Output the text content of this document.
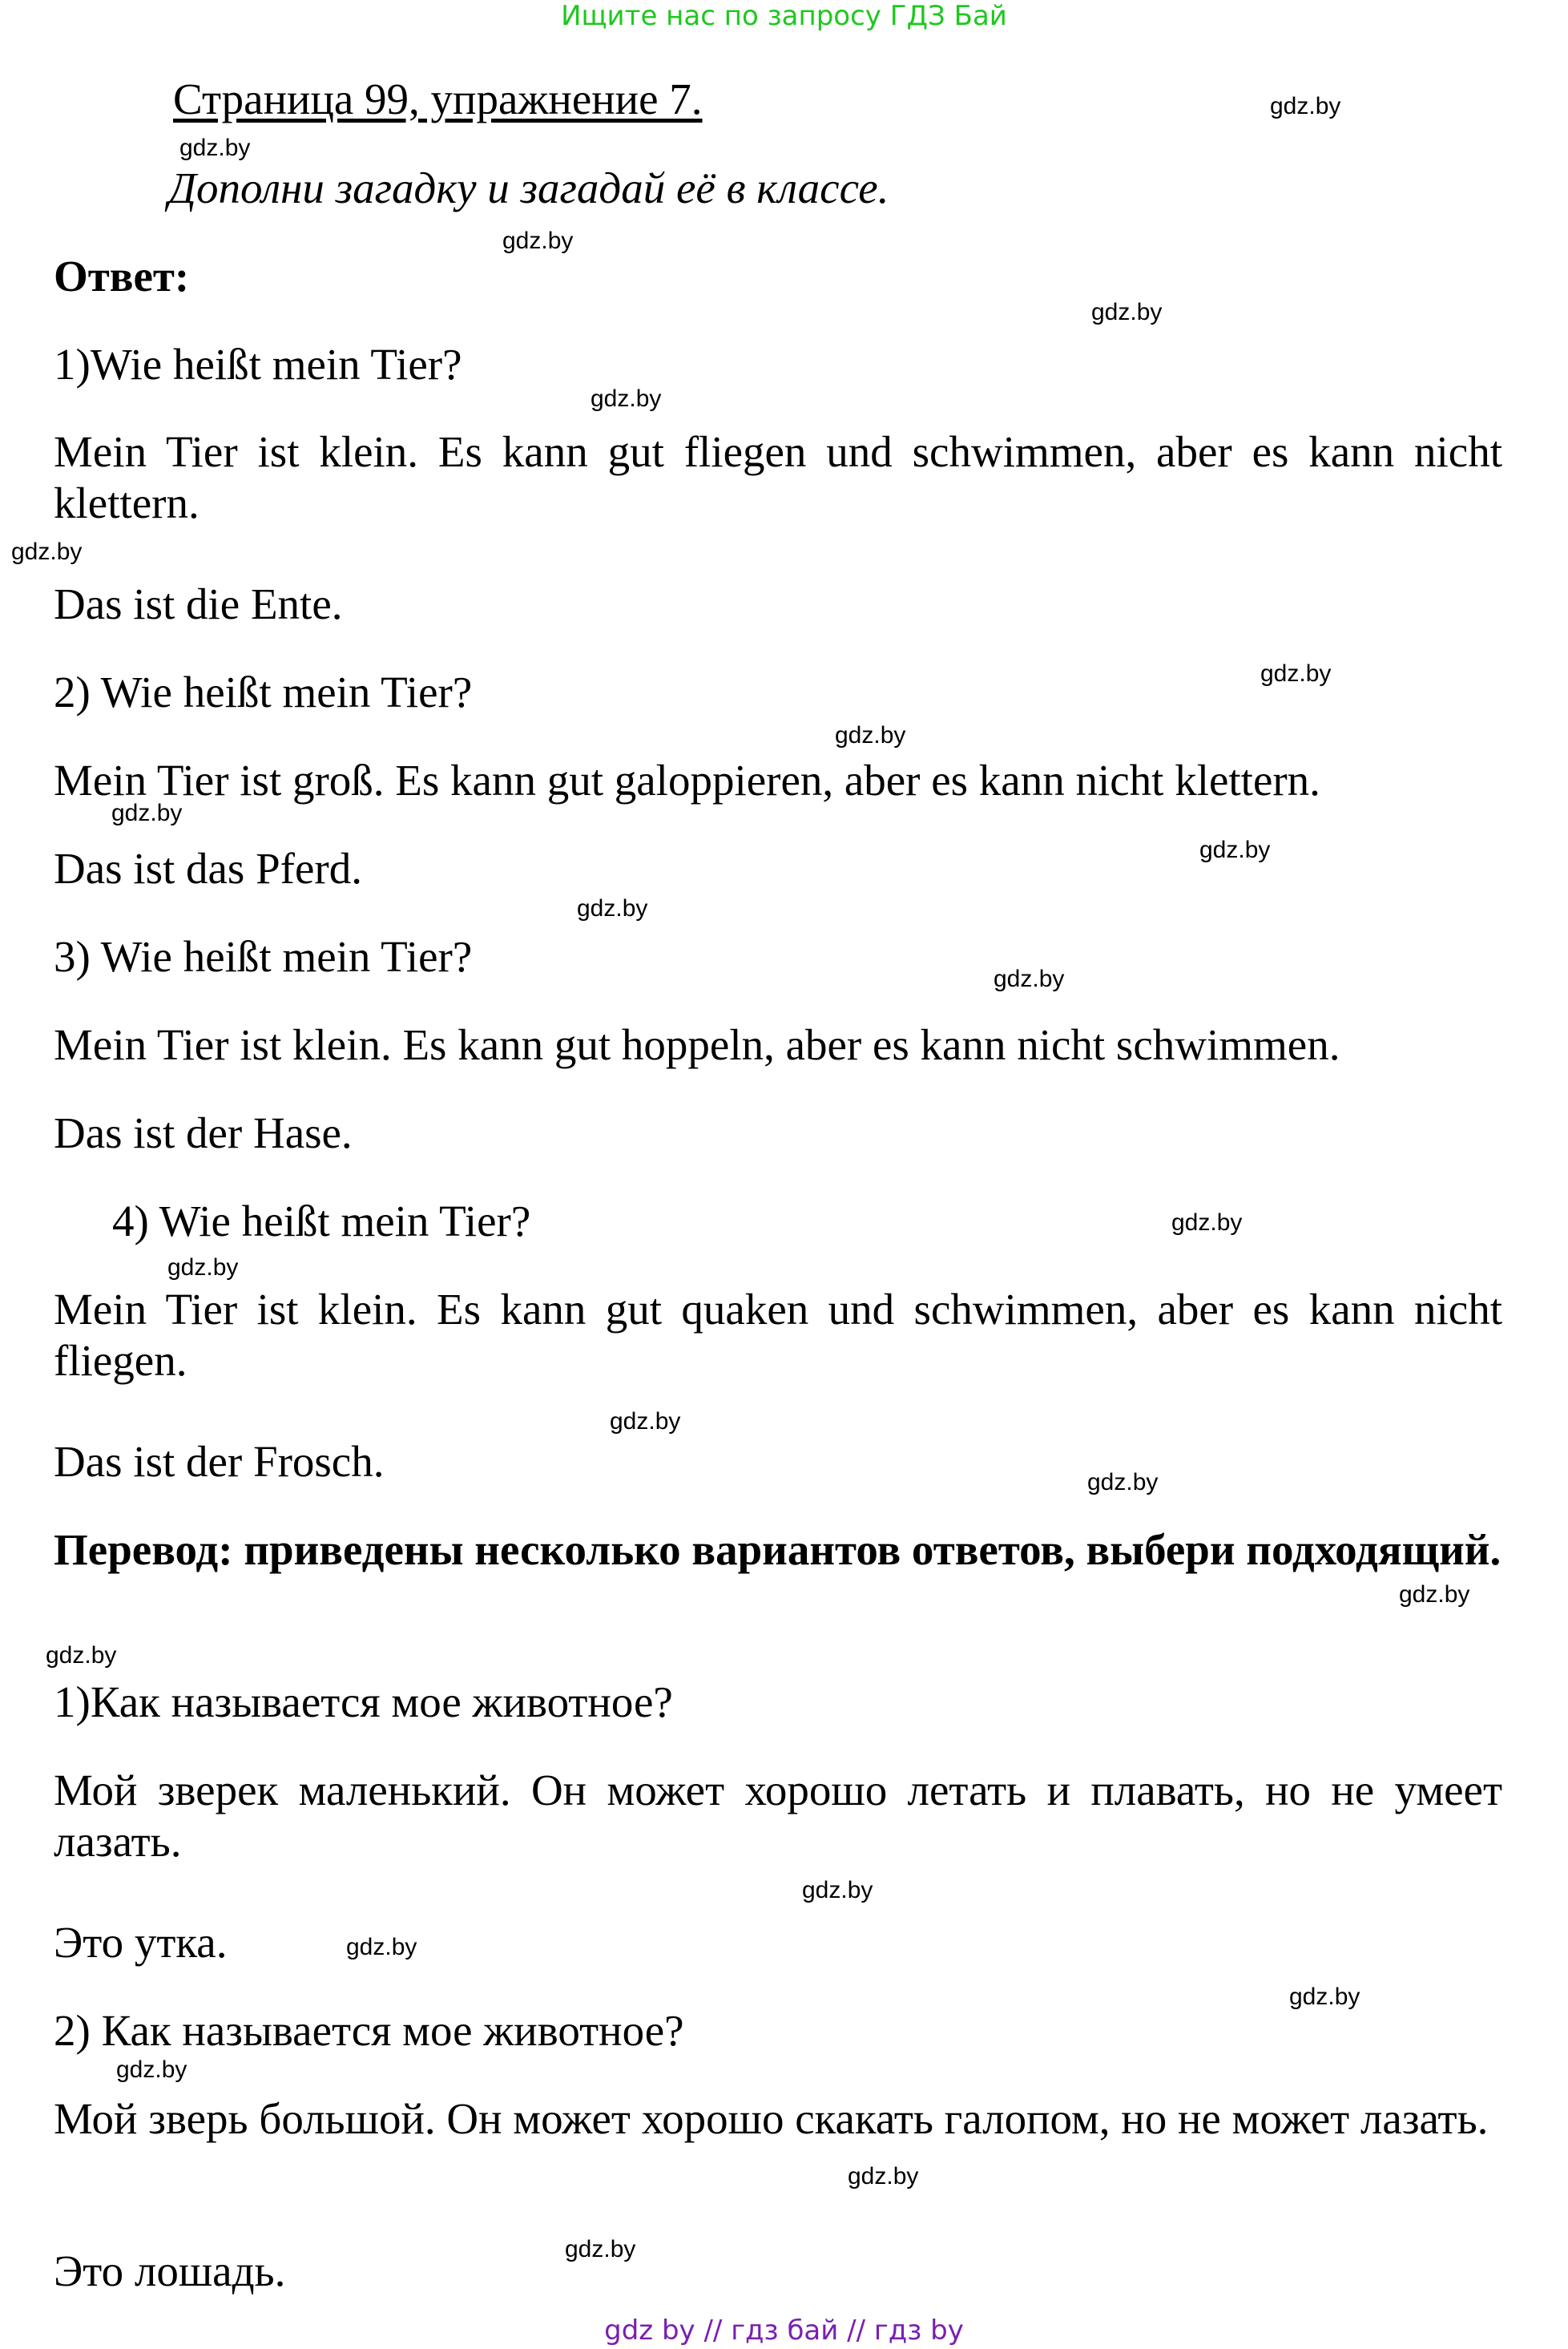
Ищите нас по запросу ГДЗ Бай
Страница 99, упражнение 7.
Дополни загадку и загадай её в классе.
Ответ:
1)Wie heißt mein Tier?
Mein Tier ist klein. Es kann gut fliegen und schwimmen, aber es kann nicht klettern.
Das ist die Ente.
2) Wie heißt mein Tier?
Mein Tier ist groß. Es kann gut galoppieren, aber es kann nicht klettern.
Das ist das Pferd.
3) Wie heißt mein Tier?
Mein Tier ist klein. Es kann gut hoppeln, aber es kann nicht schwimmen.
Das ist der Hase.
4) Wie heißt mein Tier?
Mein Tier ist klein. Es kann gut quaken und schwimmen, aber es kann nicht fliegen.
Das ist der Frosch.
Перевод: приведены несколько вариантов ответов, выбери подходящий.
1)Как называется мое животное?
Мой зверек маленький. Он может хорошо летать и плавать, но не умеет лазать.
Это утка.
2) Как называется мое животное?
Мой зверь большой. Он может хорошо скакать галопом, но не может лазать.
Это лошадь.
gdz.by
gdz.by
gdz.by
gdz.by
gdz.by
gdz.by
gdz.by
gdz.by
gdz.by
gdz.by
gdz.by
gdz.by
gdz.by
gdz.by
gdz.by
gdz.by
gdz.by
gdz.by
gdz.by
gdz.by
gdz.by
gdz.by
gdz.by
gdz.by
gdz by // гдз бай // гдз by
